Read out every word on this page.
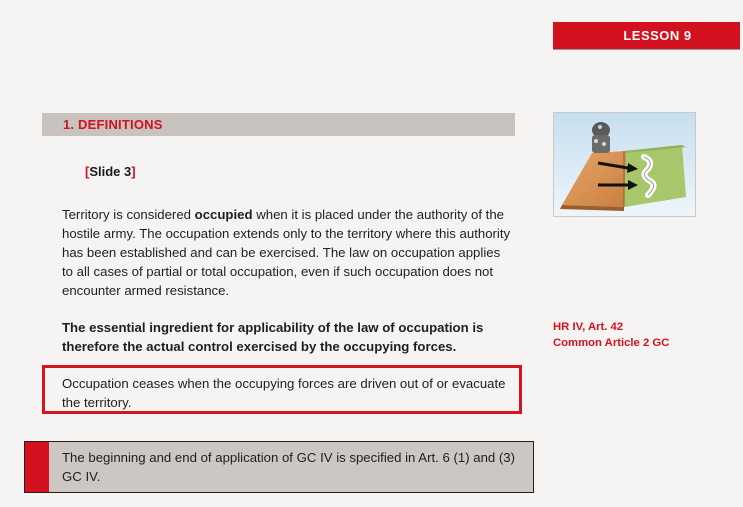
LESSON 9
1. DEFINITIONS
[Slide 3]
Territory is considered occupied when it is placed under the authority of the hostile army. The occupation extends only to the territory where this authority has been established and can be exercised. The law on occupation applies to all cases of partial or total occupation, even if such occupation does not encounter armed resistance.
The essential ingredient for applicability of the law of occupation is therefore the actual control exercised by the occupying forces.
Occupation ceases when the occupying forces are driven out of or evacuate the territory.
The beginning and end of application of GC IV is specified in Art. 6 (1) and (3) GC IV.
HR IV, Art. 42
Common Article 2 GC
